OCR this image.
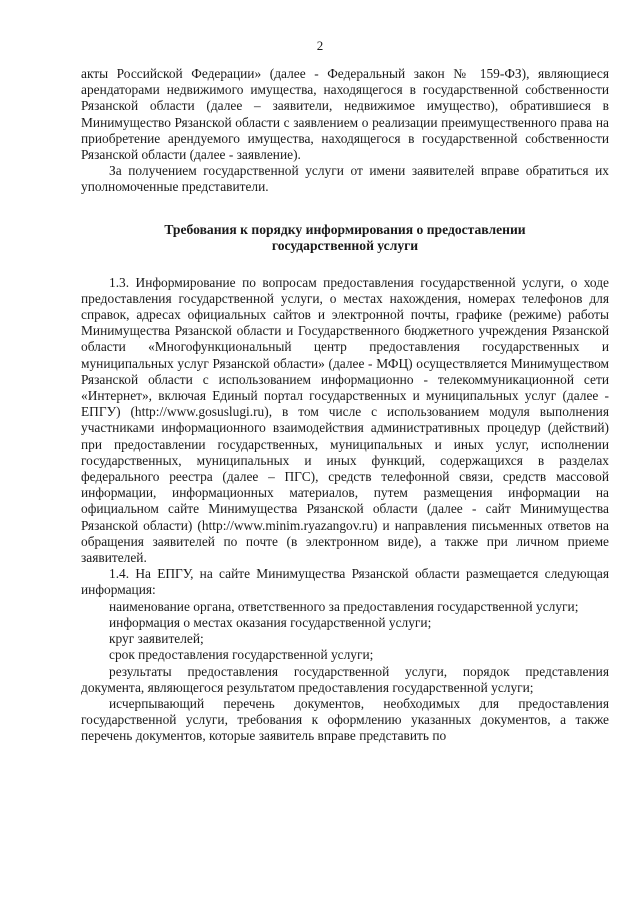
2

акты Российской Федерации» (далее - Федеральный закон № 159-ФЗ), являющиеся арендаторами недвижимого имущества, находящегося в государственной собственности Рязанской области (далее – заявители, недвижимое имущество), обратившиеся в Минимущество Рязанской области с заявлением о реализации преимущественного права на приобретение арендуемого имущества, находящегося в государственной собственности Рязанской области (далее - заявление).

За получением государственной услуги от имени заявителей вправе обратиться их уполномоченные представители.

Требования к порядку информирования о предоставлении

государственной услуги

1.3. Информирование по вопросам предоставления государственной услуги, о ходе предоставления государственной услуги, о местах нахождения, номерах телефонов для справок, адресах официальных сайтов и электронной почты, графике (режиме) работы Минимущества Рязанской области и Государственного бюджетного учреждения Рязанской области «Многофункциональный центр предоставления государственных и муниципальных услуг Рязанской области» (далее - МФЦ) осуществляется Минимуществом Рязанской области с использованием информационно - телекоммуникационной сети «Интернет», включая Единый портал государственных и муниципальных услуг (далее - ЕПГУ) (http://www.gosuslugi.ru), в том числе с использованием модуля выполнения участниками информационного взаимодействия административных процедур (действий) при предоставлении государственных, муниципальных и иных услуг, исполнении государственных, муниципальных и иных функций, содержащихся в разделах федерального реестра (далее – ПГС), средств телефонной связи, средств массовой информации, информационных материалов, путем размещения информации на официальном сайте Минимущества Рязанской области (далее - сайт Минимущества Рязанской области) (http://www.minim.ryazangov.ru) и направления письменных ответов на обращения заявителей по почте (в электронном виде), а также при личном приеме заявителей.

1.4. На ЕПГУ, на сайте Минимущества Рязанской области размещается следующая информация:

наименование органа, ответственного за предоставления государственной услуги;

информация о местах оказания государственной услуги;

круг заявителей;

срок предоставления государственной услуги;

результаты предоставления государственной услуги, порядок представления документа, являющегося результатом предоставления государственной услуги;

исчерпывающий перечень документов, необходимых для предоставления государственной услуги, требования к оформлению указанных документов, а также перечень документов, которые заявитель вправе представить по
